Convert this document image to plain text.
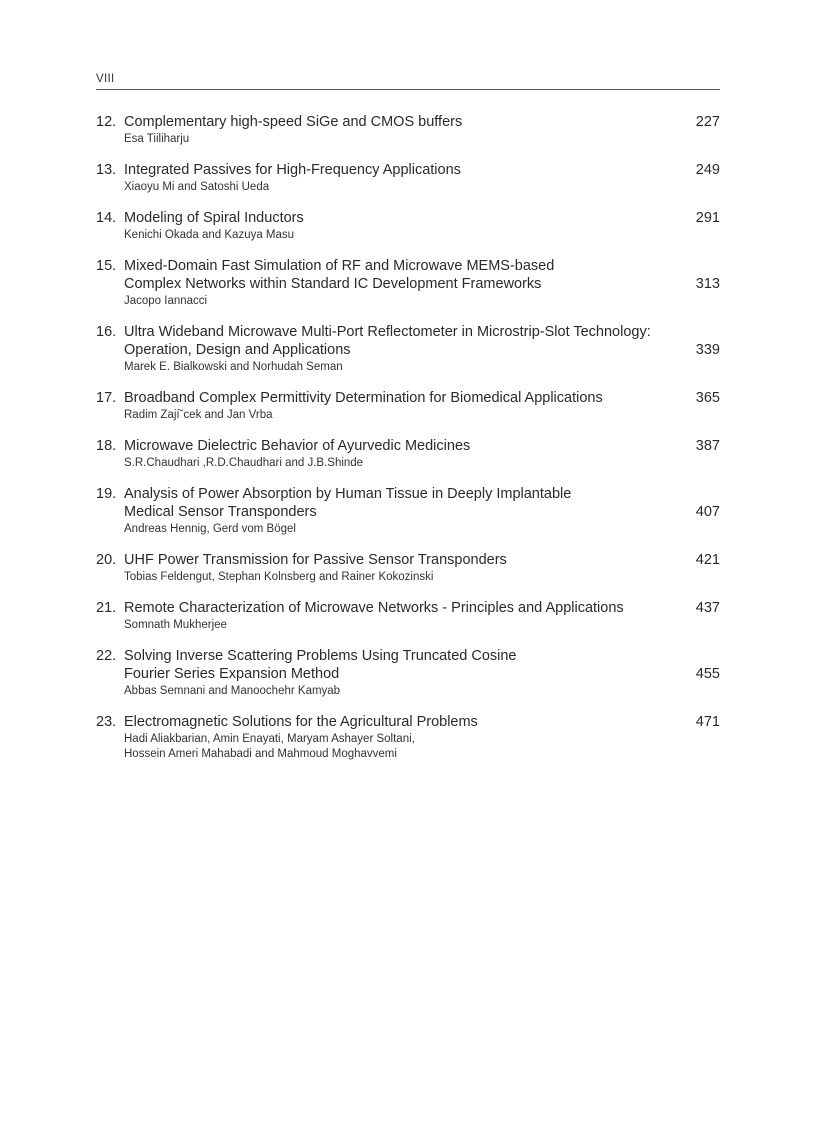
VIII
12. Complementary high-speed SiGe and CMOS buffers
Esa Tiiliharju
227
13. Integrated Passives for High-Frequency Applications
Xiaoyu Mi and Satoshi Ueda
249
14. Modeling of Spiral Inductors
Kenichi Okada and Kazuya Masu
291
15. Mixed-Domain Fast Simulation of RF and Microwave MEMS-based
Complex Networks within Standard IC Development Frameworks
Jacopo Iannacci
313
16. Ultra Wideband Microwave Multi-Port Reflectometer in Microstrip-Slot Technology:
Operation, Design and Applications
Marek E. Bialkowski and Norhudah Seman
339
17. Broadband Complex Permittivity Determination for Biomedical Applications
Radim Zají˘cek and Jan Vrba
365
18. Microwave Dielectric Behavior of Ayurvedic Medicines
S.R.Chaudhari ,R.D.Chaudhari and J.B.Shinde
387
19. Analysis of Power Absorption by Human Tissue in Deeply Implantable
Medical Sensor Transponders
Andreas Hennig, Gerd vom Bögel
407
20. UHF Power Transmission for Passive Sensor Transponders
Tobias Feldengut, Stephan Kolnsberg and Rainer Kokozinski
421
21. Remote Characterization of Microwave Networks - Principles and Applications
Somnath Mukherjee
437
22. Solving Inverse Scattering Problems Using Truncated Cosine
Fourier Series Expansion Method
Abbas Semnani and Manoochehr Kamyab
455
23. Electromagnetic Solutions for the Agricultural Problems
Hadi Aliakbarian, Amin Enayati, Maryam Ashayer Soltani,
Hossein Ameri Mahabadi and Mahmoud Moghavvemi
471
